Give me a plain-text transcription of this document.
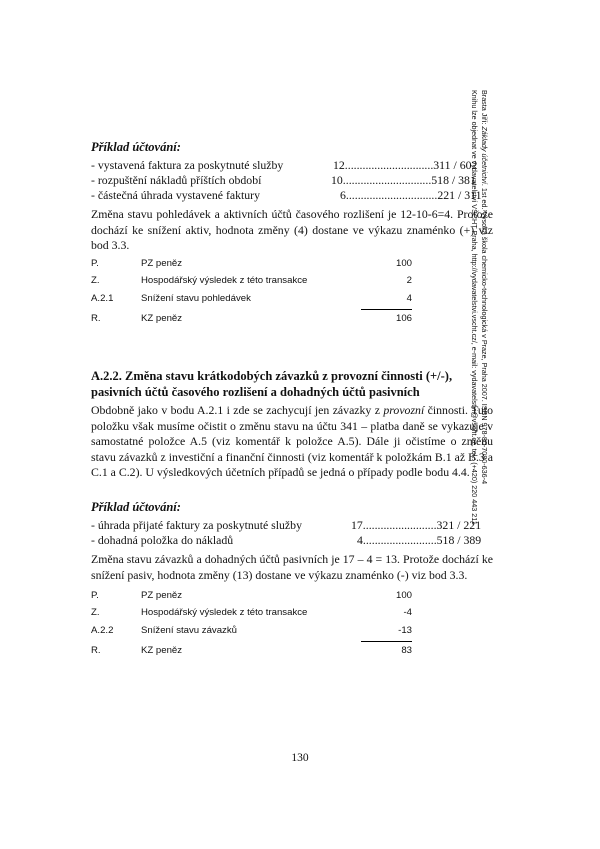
Příklad účtování:
- vystavená faktura za poskytnuté služby	12..............................311 / 602
- rozpuštění nákladů příštích období	10..............................518 / 381
- částečná úhrada vystavené faktury	6...............................221 / 311
Změna stavu pohledávek a aktivních účtů časového rozlišení je 12-10-6=4. Protože dochází ke snížení aktiv, hodnota změny (4) dostane ve výkazu znaménko (+) viz bod 3.3.
P.	PZ peněz	100
Z.	Hospodářský výsledek z této transakce	2
A.2.1	Snížení stavu pohledávek	4
R.	KZ peněz	106
A.2.2. Změna stavu krátkodobých závazků z provozní činnosti (+/-), pasivních účtů časového rozlišení a dohadných účtů pasivních
Obdobně jako v bodu A.2.1 i zde se zachycují jen závazky z provozní činnosti. Tuto položku však musíme očistit o změnu stavu na účtu 341 – platba daně se vykazuje v samostatné položce A.5 (viz komentář k položce A.5). Dále ji očistíme o změnu stavu závazků z investiční a finanční činnosti (viz komentář k položkám B.1 až B.3 a C.1 a C.2). U výsledkových účetních případů se jedná o případy podle bodu 4.4.
Příklad účtování:
- úhrada přijaté faktury za poskytnuté služby	17.........................321 / 221
- dohadná položka do nákladů	4.........................518 / 389
Změna stavu závazků a dohadných účtů pasivních je 17 – 4 = 13. Protože dochází ke snížení pasiv, hodnota změny (13) dostane ve výkazu znaménko (-) viz bod 3.3.
P.	PZ peněz	100
Z.	Hospodářský výsledek z této transakce	-4
A.2.2	Snížení stavu závazků	-13
R.	KZ peněz	83
130
Brasta Jiří: Základy účetnictví. 1st ed. Vysoká škola chemicko-technologická v Praze, Praha 2007. ISBN 978-80-7080-636-4
Knihu lze objednat ve vydavatelství VŠCHT Praha, http://vydavatelstvi.vscht.cz/, e-mail: vydavatelstvi@vscht.cz, tel.: (+420) 220 443 211
